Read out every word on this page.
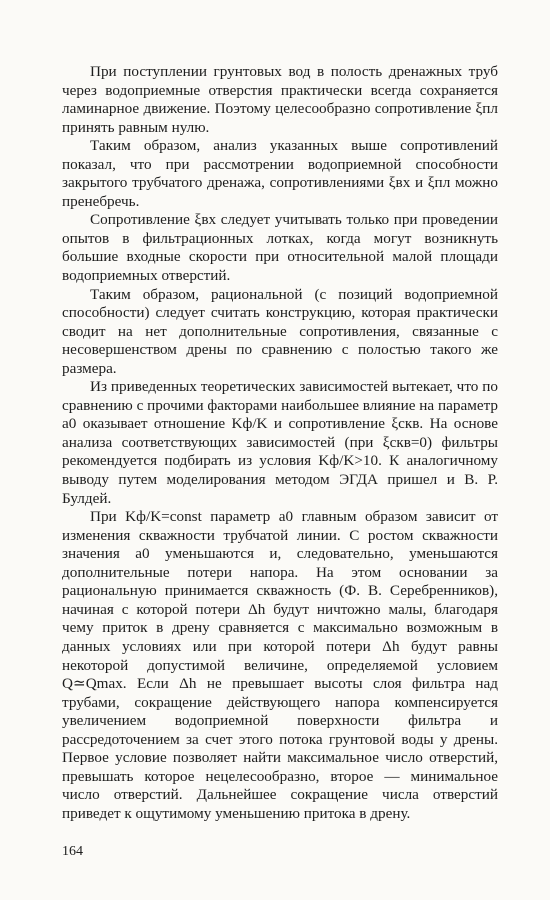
При поступлении грунтовых вод в полость дренажных труб через водоприемные отверстия практически всегда сохраняется ламинарное движение. Поэтому целесообразно сопротивление ξпл принять равным нулю.

Таким образом, анализ указанных выше сопротивлений показал, что при рассмотрении водоприемной способности закрытого трубчатого дренажа, сопротивлениями ξвх и ξпл можно пренебречь.

Сопротивление ξвх следует учитывать только при проведении опытов в фильтрационных лотках, когда могут возникнуть большие входные скорости при относительной малой площади водоприемных отверстий.

Таким образом, рациональной (с позиций водоприемной способности) следует считать конструкцию, которая практически сводит на нет дополнительные сопротивления, связанные с несовершенством дрены по сравнению с полостью такого же размера.

Из приведенных теоретических зависимостей вытекает, что по сравнению с прочими факторами наибольшее влияние на параметр a0 оказывает отношение Kф/K и сопротивление ξскв. На основе анализа соответствующих зависимостей (при ξскв=0) фильтры рекомендуется подбирать из условия Kф/K>10. К аналогичному выводу путем моделирования методом ЭГДА пришел и В. Р. Булдей.

При Kф/K=const параметр a0 главным образом зависит от изменения скважности трубчатой линии. С ростом скважности значения a0 уменьшаются и, следовательно, уменьшаются дополнительные потери напора. На этом основании за рациональную принимается скважность (Ф. В. Серебренников), начиная с которой потери Δh будут ничтожно малы, благодаря чему приток в дрену сравняется с максимально возможным в данных условиях или при которой потери Δh будут равны некоторой допустимой величине, определяемой условием Q≃Qmax. Если Δh не превышает высоты слоя фильтра над трубами, сокращение действующего напора компенсируется увеличением водоприемной поверхности фильтра и рассредоточением за счет этого потока грунтовой воды у дрены. Первое условие позволяет найти максимальное число отверстий, превышать которое нецелесообразно, второе — минимальное число отверстий. Дальнейшее сокращение числа отверстий приведет к ощутимому уменьшению притока в дрену.

164
